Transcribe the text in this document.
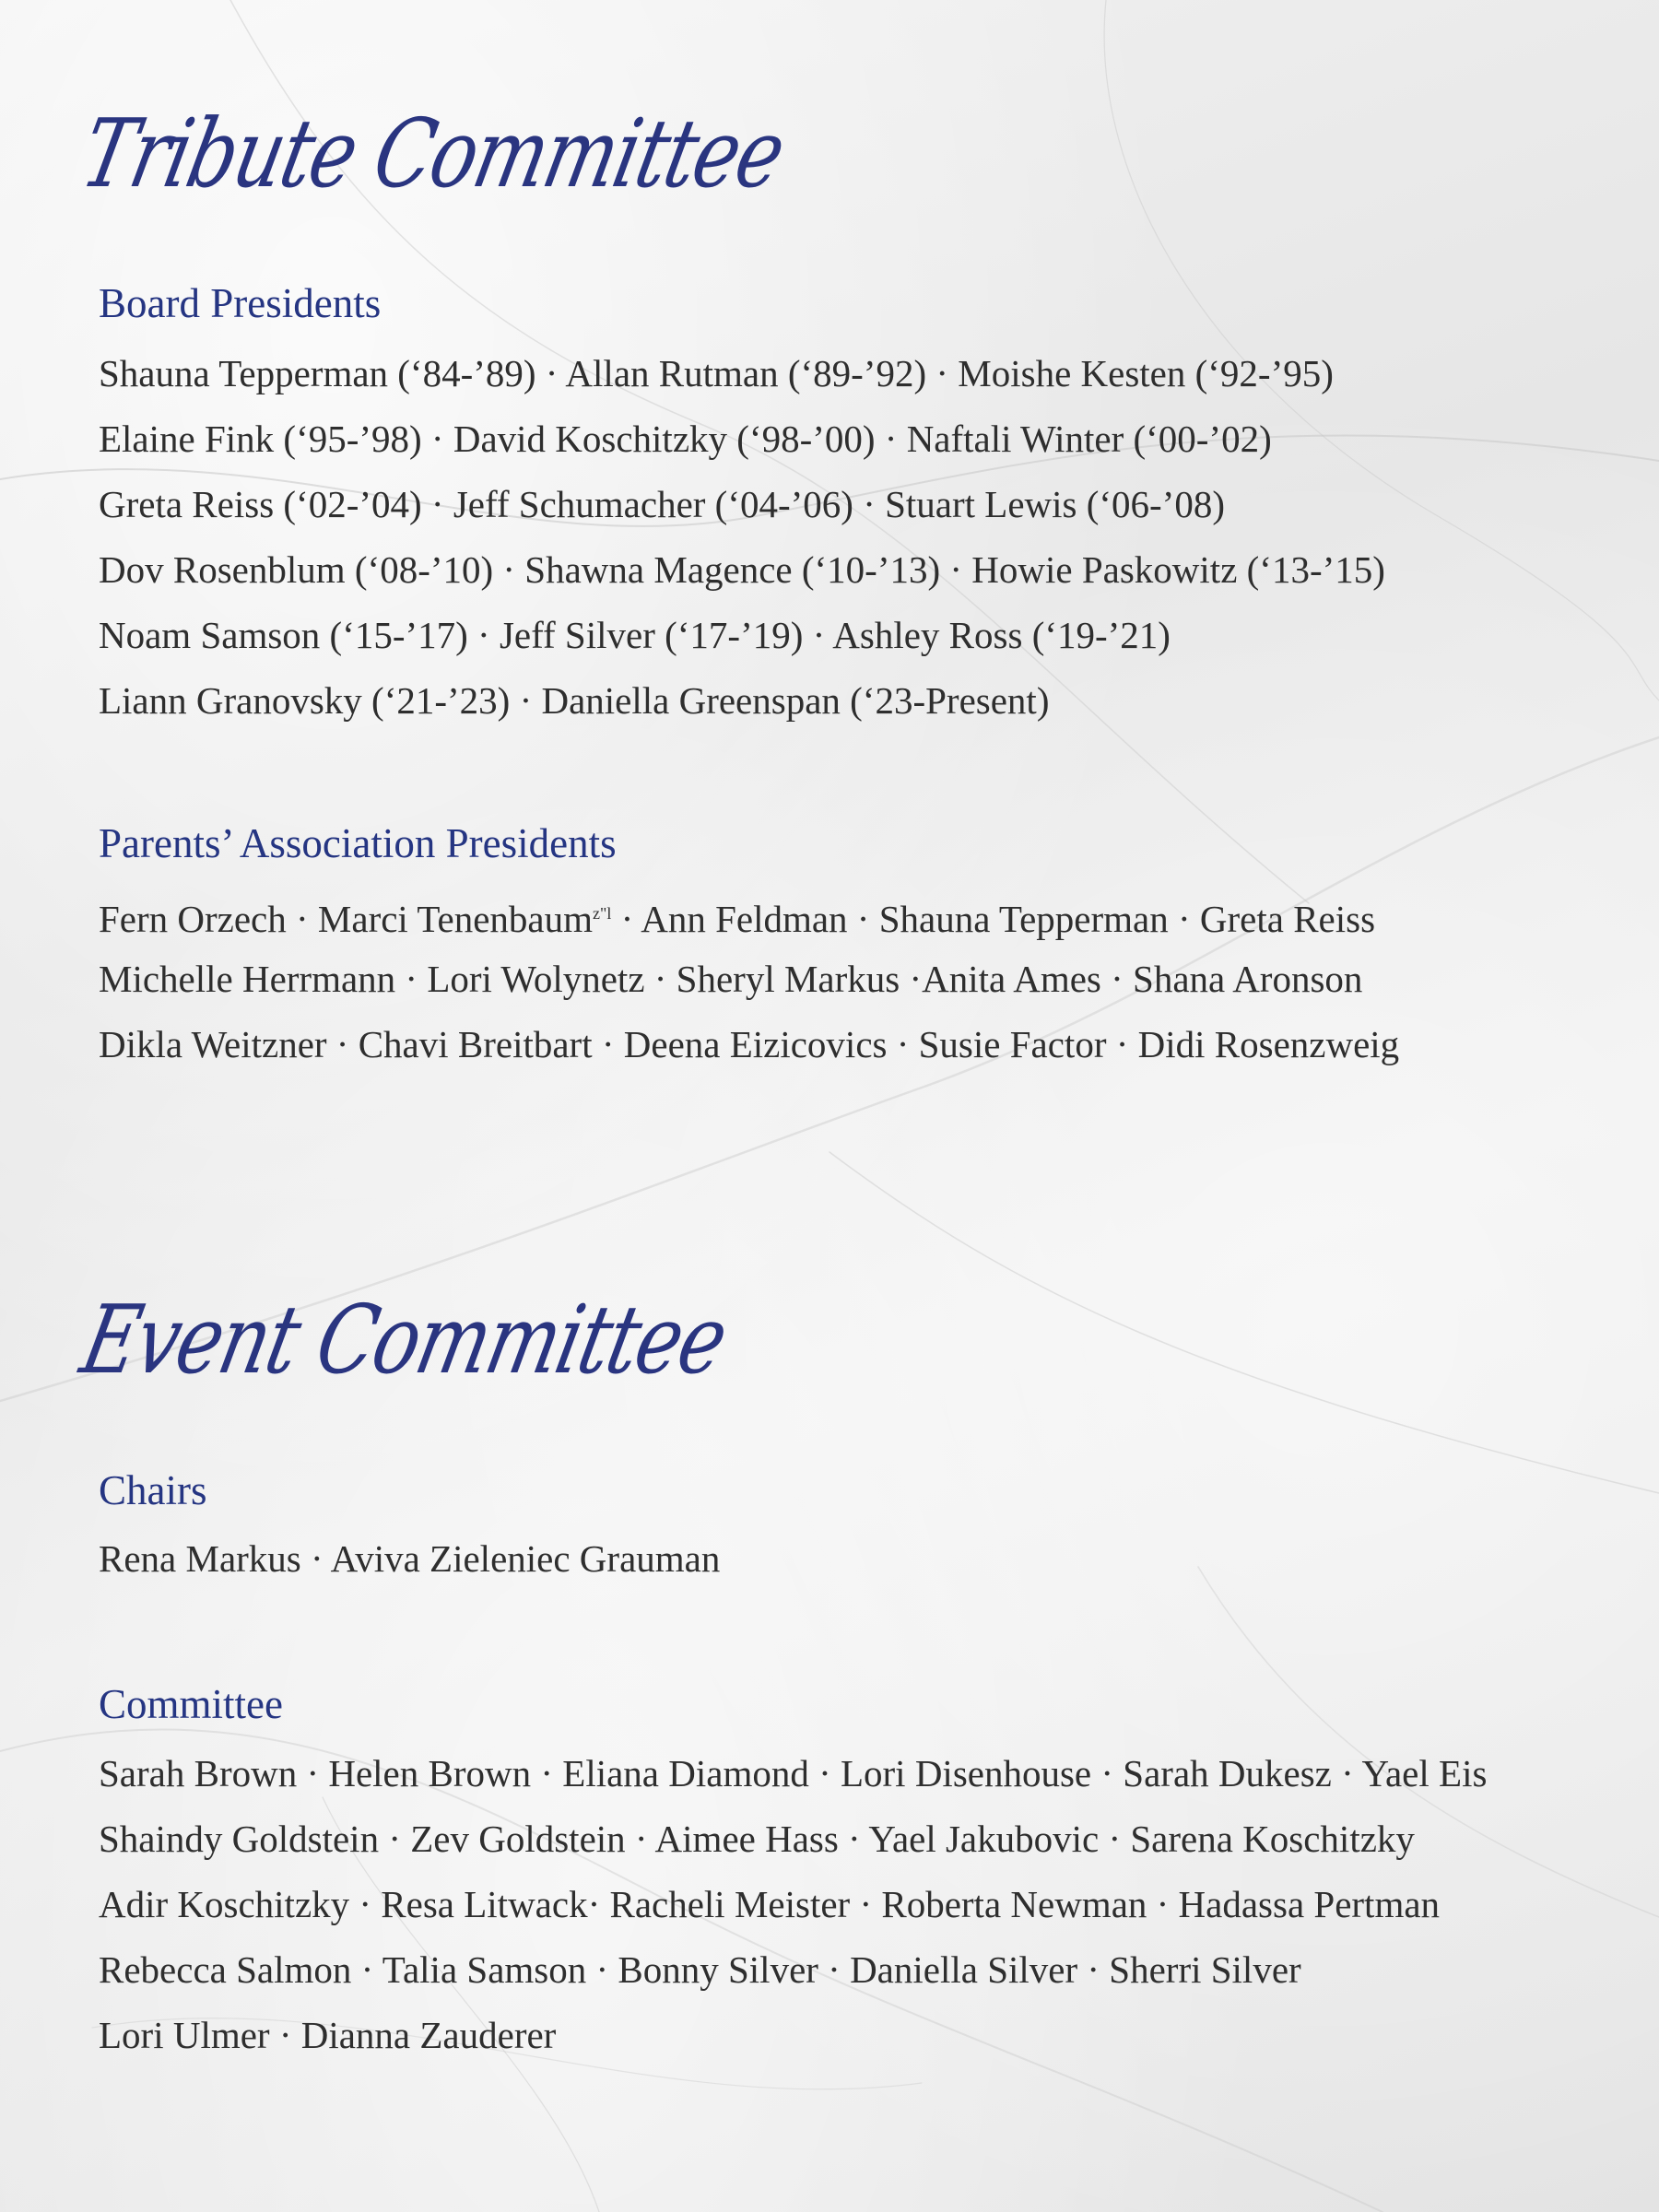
Tribute Committee
Board Presidents
Shauna Tepperman (‘84-’89) · Allan Rutman (‘89-’92) · Moishe Kesten (‘92-’95)
Elaine Fink (‘95-’98) · David Koschitzky (‘98-’00) · Naftali Winter (‘00-’02)
Greta Reiss (‘02-’04) · Jeff Schumacher (‘04-’06) · Stuart Lewis (‘06-’08)
Dov Rosenblum (‘08-’10) · Shawna Magence (‘10-’13) · Howie Paskowitz (‘13-’15)
Noam Samson (‘15-’17) · Jeff Silver (‘17-’19) · Ashley Ross (‘19-’21)
Liann Granovsky (‘21-’23) · Daniella Greenspan (‘23-Present)
Parents’ Association Presidents
Fern Orzech · Marci Tenenbaum$^{z"l}$ · Ann Feldman · Shauna Tepperman · Greta Reiss
Michelle Herrmann · Lori Wolynetz · Sheryl Markus ·Anita Ames · Shana Aronson
Dikla Weitzner · Chavi Breitbart · Deena Eizicovics · Susie Factor · Didi Rosenzweig
Event Committee
Chairs
Rena Markus · Aviva Zieleniec Grauman
Committee
Sarah Brown · Helen Brown · Eliana Diamond · Lori Disenhouse · Sarah Dukesz · Yael Eis
Shaindy Goldstein · Zev Goldstein · Aimee Hass · Yael Jakubovic · Sarena Koschitzky
Adir Koschitzky · Resa Litwack· Racheli Meister · Roberta Newman · Hadassa Pertman
Rebecca Salmon · Talia Samson · Bonny Silver · Daniella Silver · Sherri Silver
Lori Ulmer · Dianna Zauderer
